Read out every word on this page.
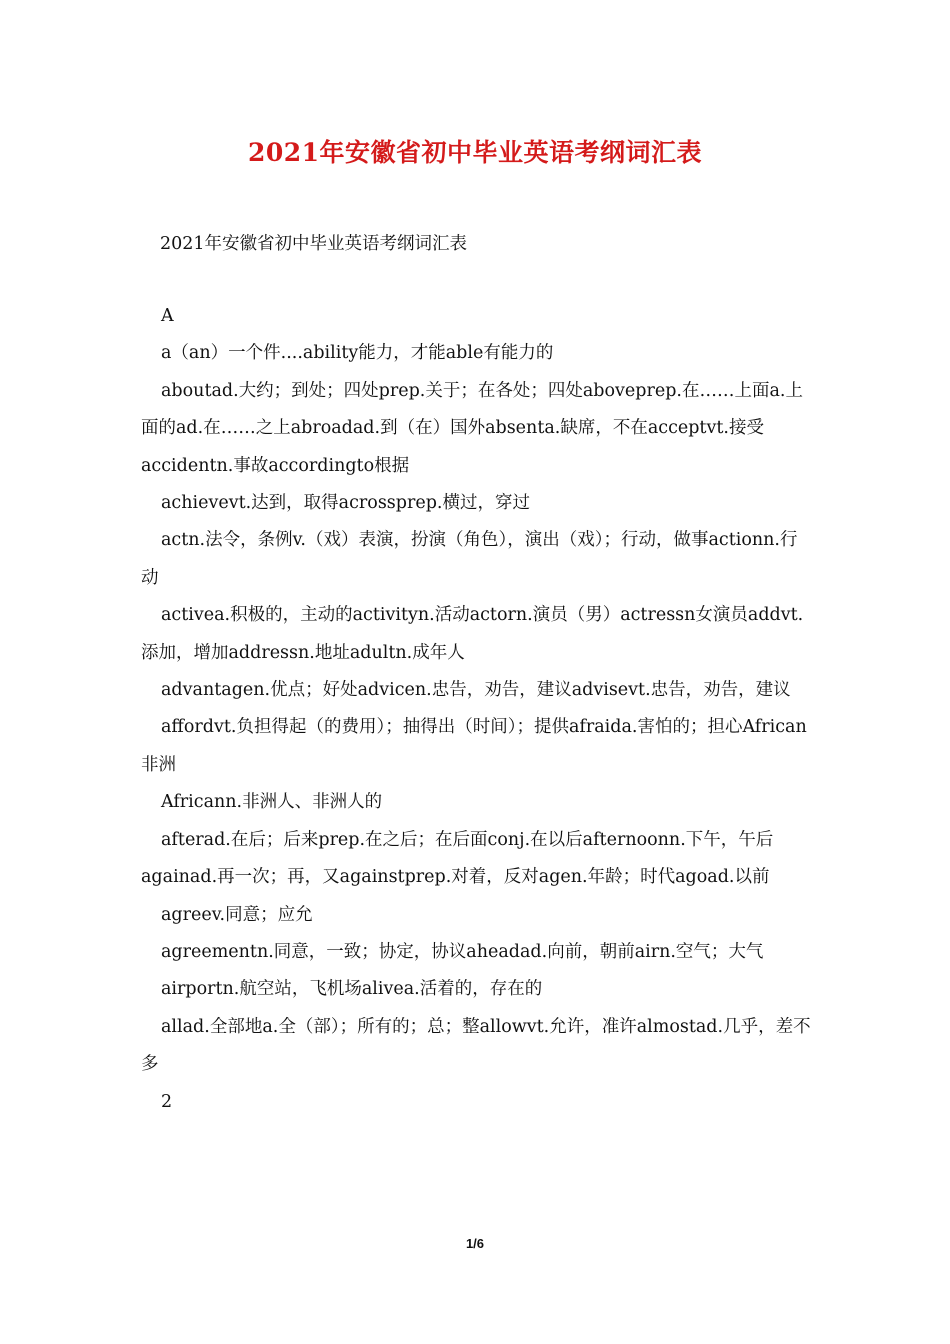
2021年安徽省初中毕业英语考纲词汇表

2021年安徽省初中毕业英语考纲词汇表

A

a（an）一个件....ability能力，才能able有能力的

aboutad.大约；到处；四处prep.关于；在各处；四处aboveprep.在……上面a.上面的ad.在……之上abroadad.到（在）国外absenta.缺席，不在acceptvt.接受accidentn.事故accordingto根据

achievevt.达到，取得acrossprep.横过，穿过

actn.法令，条例v.（戏）表演，扮演（角色），演出（戏）；行动，做事actionn.行动

activea.积极的，主动的activityn.活动actorn.演员（男）actressn女演员addvt.添加，增加addressn.地址adultn.成年人

advantagen.优点；好处advicen.忠告，劝告，建议advisevt.忠告，劝告，建议

affordvt.负担得起（的费用）；抽得出（时间）；提供afraida.害怕的；担心African非洲

Africann.非洲人、非洲人的

afterad.在后；后来prep.在之后；在后面conj.在以后afternoonn.下午，午后againad.再一次；再，又againstprep.对着，反对agen.年龄；时代agoad.以前

agreev.同意；应允

agreementn.同意，一致；协定，协议aheadad.向前，朝前airn.空气；大气

airportn.航空站，飞机场alivea.活着的，存在的

allad.全部地a.全（部）；所有的；总；整allowvt.允许，准许almostad.几乎，差不多

2

1/6
